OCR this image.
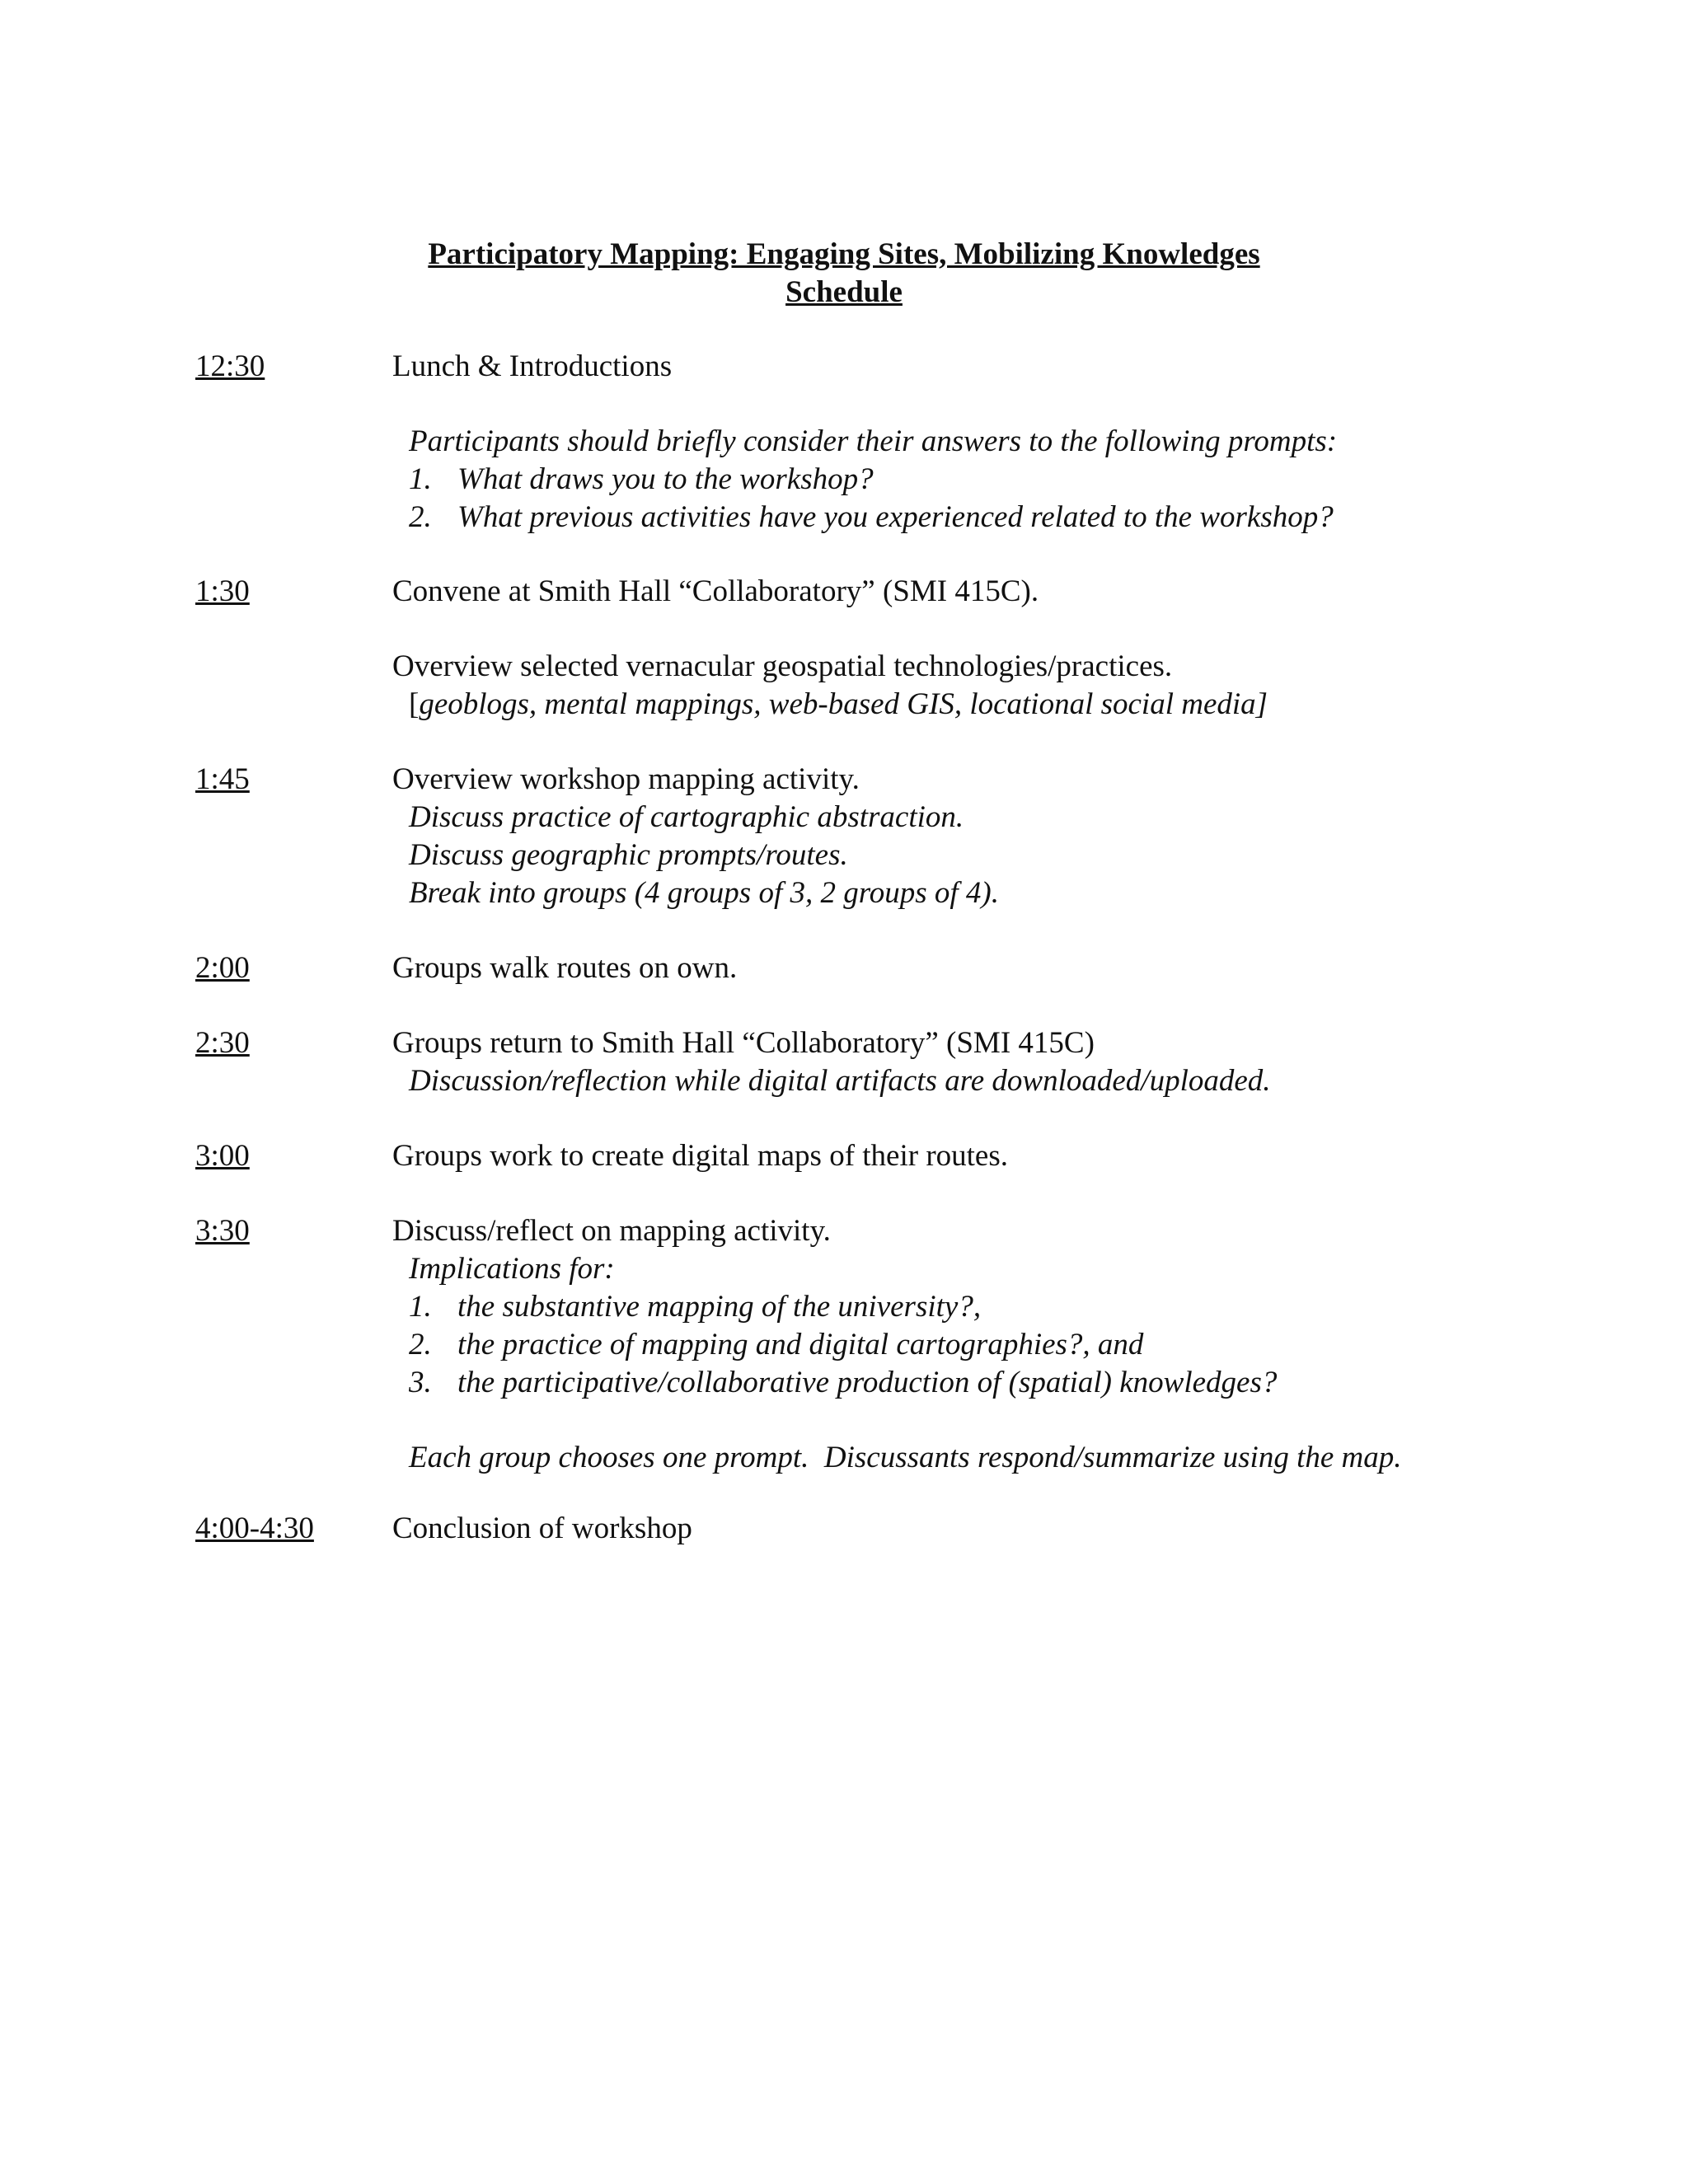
Participatory Mapping: Engaging Sites, Mobilizing Knowledges
Schedule
12:30	Lunch & Introductions
Participants should briefly consider their answers to the following prompts:
1. What draws you to the workshop?
2. What previous activities have you experienced related to the workshop?
1:30	Convene at Smith Hall “Collaboratory” (SMI 415C).
Overview selected vernacular geospatial technologies/practices.
[geoblogs, mental mappings, web-based GIS, locational social media]
1:45	Overview workshop mapping activity.
Discuss practice of cartographic abstraction.
Discuss geographic prompts/routes.
Break into groups (4 groups of 3, 2 groups of 4).
2:00	Groups walk routes on own.
2:30	Groups return to Smith Hall “Collaboratory” (SMI 415C)
Discussion/reflection while digital artifacts are downloaded/uploaded.
3:00	Groups work to create digital maps of their routes.
3:30	Discuss/reflect on mapping activity.
Implications for:
1. the substantive mapping of the university?,
2. the practice of mapping and digital cartographies?, and
3. the participative/collaborative production of (spatial) knowledges?
Each group chooses one prompt.  Discussants respond/summarize using the map.
4:00-4:30	Conclusion of workshop
